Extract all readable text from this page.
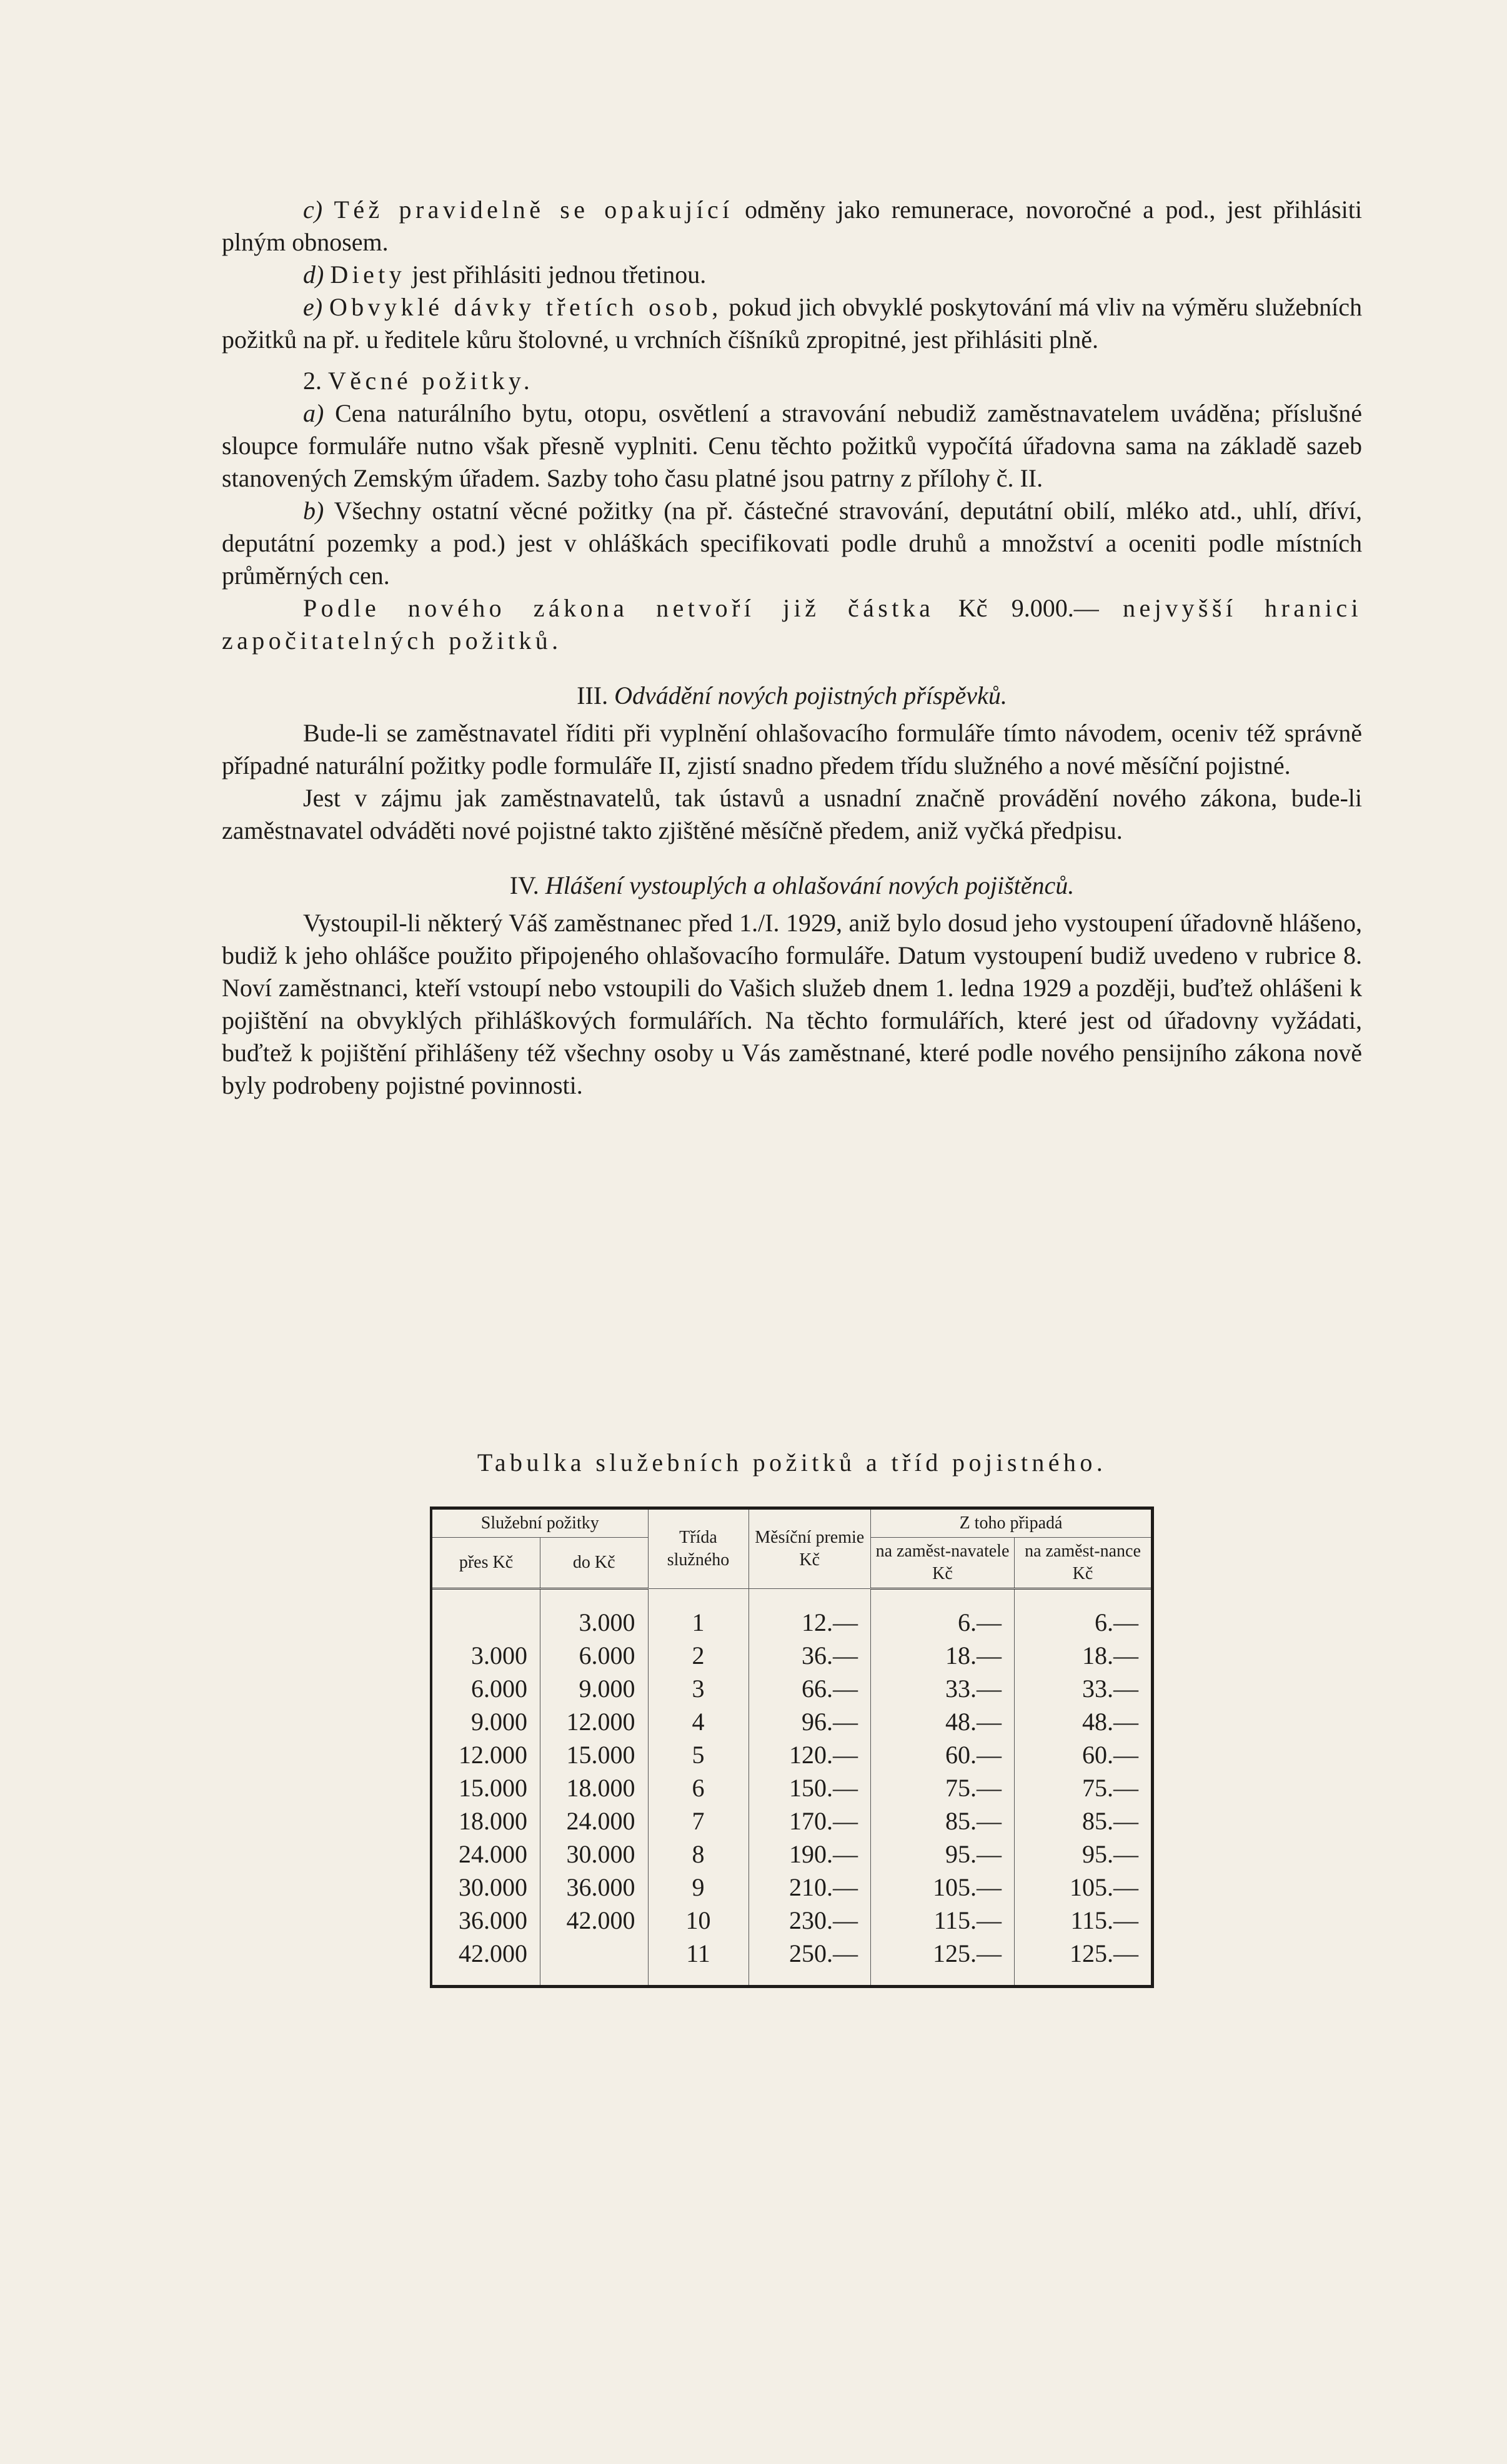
c) Též pravidelně se opakující odměny jako remunerace, novoročné a pod., jest přihlásiti plným obnosem.

d) Diety jest přihlásiti jednou třetinou.

e) Obvyklé dávky třetích osob, pokud jich obvyklé poskytování má vliv na výměru služebních požitků na př. u ředitele kůru štolovné, u vrchních číšníků zpropitné, jest přihlásiti plně.

2. Věcné požitky.

a) Cena naturálního bytu, otopu, osvětlení a stravování nebudiž zaměstnavatelem uváděna; příslušné sloupce formuláře nutno však přesně vyplniti. Cenu těchto požitků vypočítá úřadovna sama na základě sazeb stanovených Zemským úřadem. Sazby toho času platné jsou patrny z přílohy č. II.

b) Všechny ostatní věcné požitky (na př. částečné stravování, deputátní obilí, mléko atd., uhlí, dříví, deputátní pozemky a pod.) jest v ohláškách specifikovati podle druhů a množství a oceniti podle místních průměrných cen.

Podle nového zákona netvoří již částka Kč 9.000.— nejvyšší hranici započitatelných požitků.

III. Odvádění nových pojistných příspěvků.

Bude-li se zaměstnavatel říditi při vyplnění ohlašovacího formuláře tímto návodem, oceniv též správně případné naturální požitky podle formuláře II, zjistí snadno předem třídu služného a nové měsíční pojistné.

Jest v zájmu jak zaměstnavatelů, tak ústavů a usnadní značně provádění nového zákona, bude-li zaměstnavatel odváděti nové pojistné takto zjištěné měsíčně předem, aniž vyčká předpisu.

IV. Hlášení vystouplých a ohlašování nových pojištěnců.

Vystoupil-li některý Váš zaměstnanec před 1./I. 1929, aniž bylo dosud jeho vystoupení úřadovně hlášeno, budiž k jeho ohlášce použito připojeného ohlašovacího formuláře. Datum vystoupení budiž uvedeno v rubrice 8. Noví zaměstnanci, kteří vstoupí nebo vstoupili do Vašich služeb dnem 1. ledna 1929 a později, buďtež ohlášeni k pojištění na obvyklých přihláškových formulářích. Na těchto formulářích, které jest od úřadovny vyžádati, buďtež k pojištění přihlášeny též všechny osoby u Vás zaměstnané, které podle nového pensijního zákona nově byly podrobeny pojistné povinnosti.

Tabulka služebních požitků a tříd pojistného.
Služební požitky		Třída služného	Měsíční premie Kč	Z toho připadá	
přes Kč	do Kč			na zaměst-navatele Kč	na zaměst-nance Kč
	3.000	1	12.—	6.—	6.—
3.000	6.000	2	36.—	18.—	18.—
6.000	9.000	3	66.—	33.—	33.—
9.000	12.000	4	96.—	48.—	48.—
12.000	15.000	5	120.—	60.—	60.—
15.000	18.000	6	150.—	75.—	75.—
18.000	24.000	7	170.—	85.—	85.—
24.000	30.000	8	190.—	95.—	95.—
30.000	36.000	9	210.—	105.—	105.—
36.000	42.000	10	230.—	115.—	115.—
42.000		11	250.—	125.—	125.—
